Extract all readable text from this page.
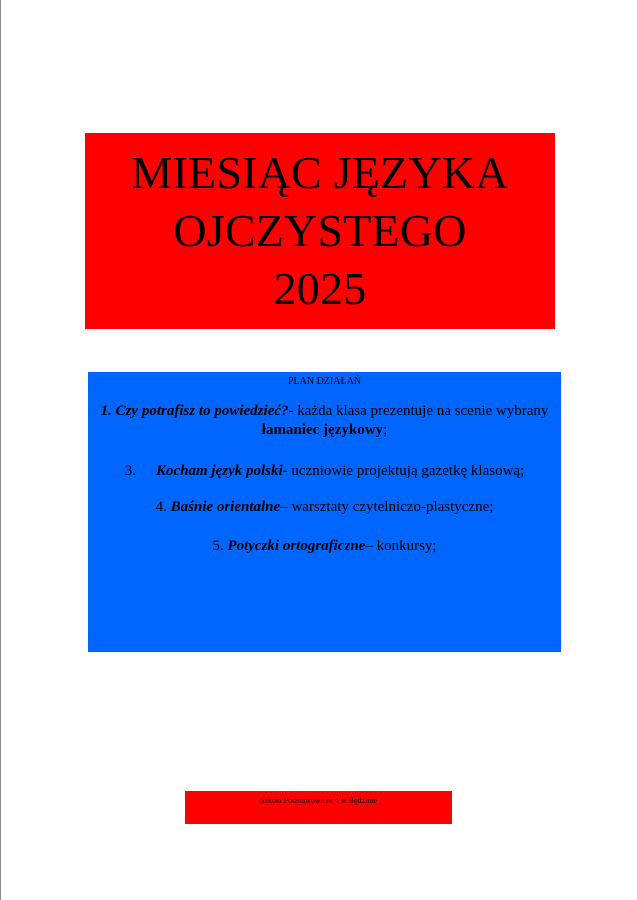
MIESIĄC JĘZYKA
OJCZYSTEGO
2025
PLAN DZIAŁAŃ
1. Czy potrafisz to powiedzieć?- każda klasa prezentuje na scenie wybrany łamaniec językowy;
3. Kocham język polski- uczniowie projektują gazetkę klasową;
4. Baśnie orientalne– warsztaty czytelniczo-plastyczne;
5. Potyczki ortograficzne– konkursy;
Szkoła Podstawowa nr 4 w Będzinie
